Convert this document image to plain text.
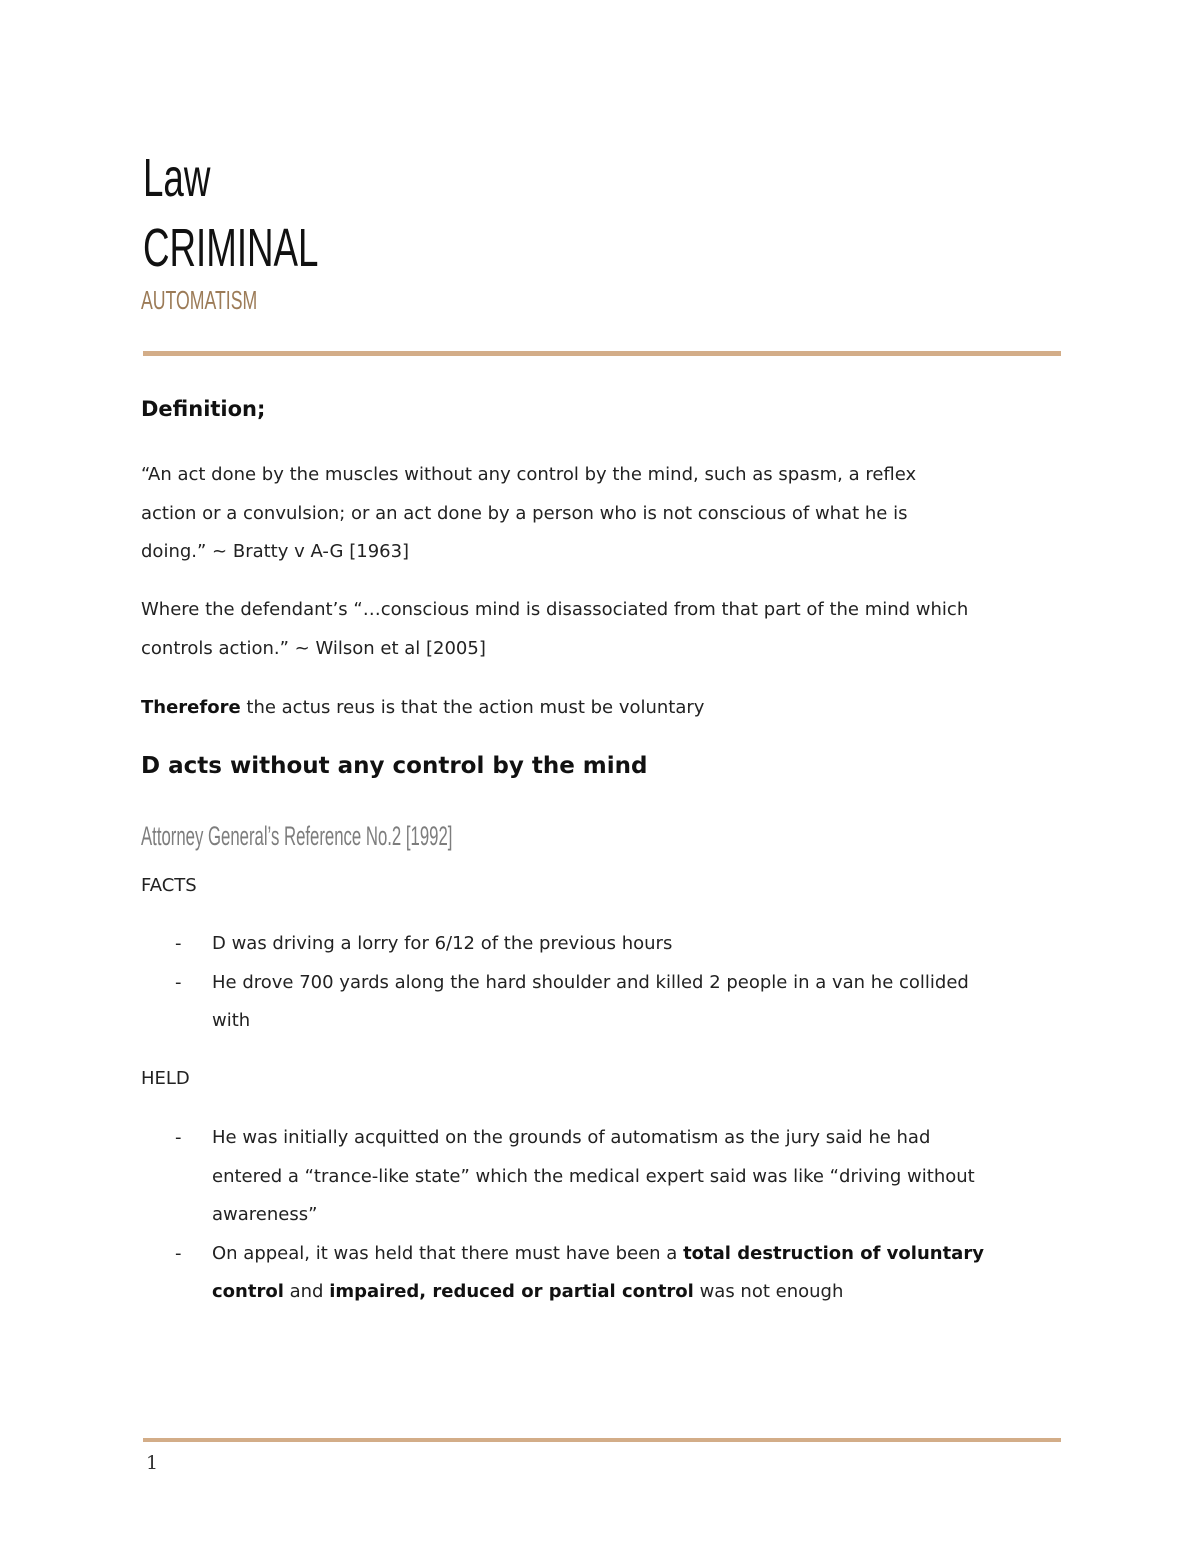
Law
CRIMINAL
AUTOMATISM
Definition;
“An act done by the muscles without any control by the mind, such as spasm, a reflex
action or a convulsion; or an act done by a person who is not conscious of what he is
doing.” ~ Bratty v A-G [1963]
Where the defendant’s “…conscious mind is disassociated from that part of the mind which
controls action.” ~ Wilson et al [2005]
Therefore the actus reus is that the action must be voluntary
D acts without any control by the mind
Attorney General’s Reference No.2 [1992]
FACTS
- D was driving a lorry for 6/12 of the previous hours
- He drove 700 yards along the hard shoulder and killed 2 people in a van he collided
with
HELD
- He was initially acquitted on the grounds of automatism as the jury said he had
entered a “trance-like state” which the medical expert said was like “driving without
awareness”
- On appeal, it was held that there must have been a total destruction of voluntary
control and impaired, reduced or partial control was not enough
1
